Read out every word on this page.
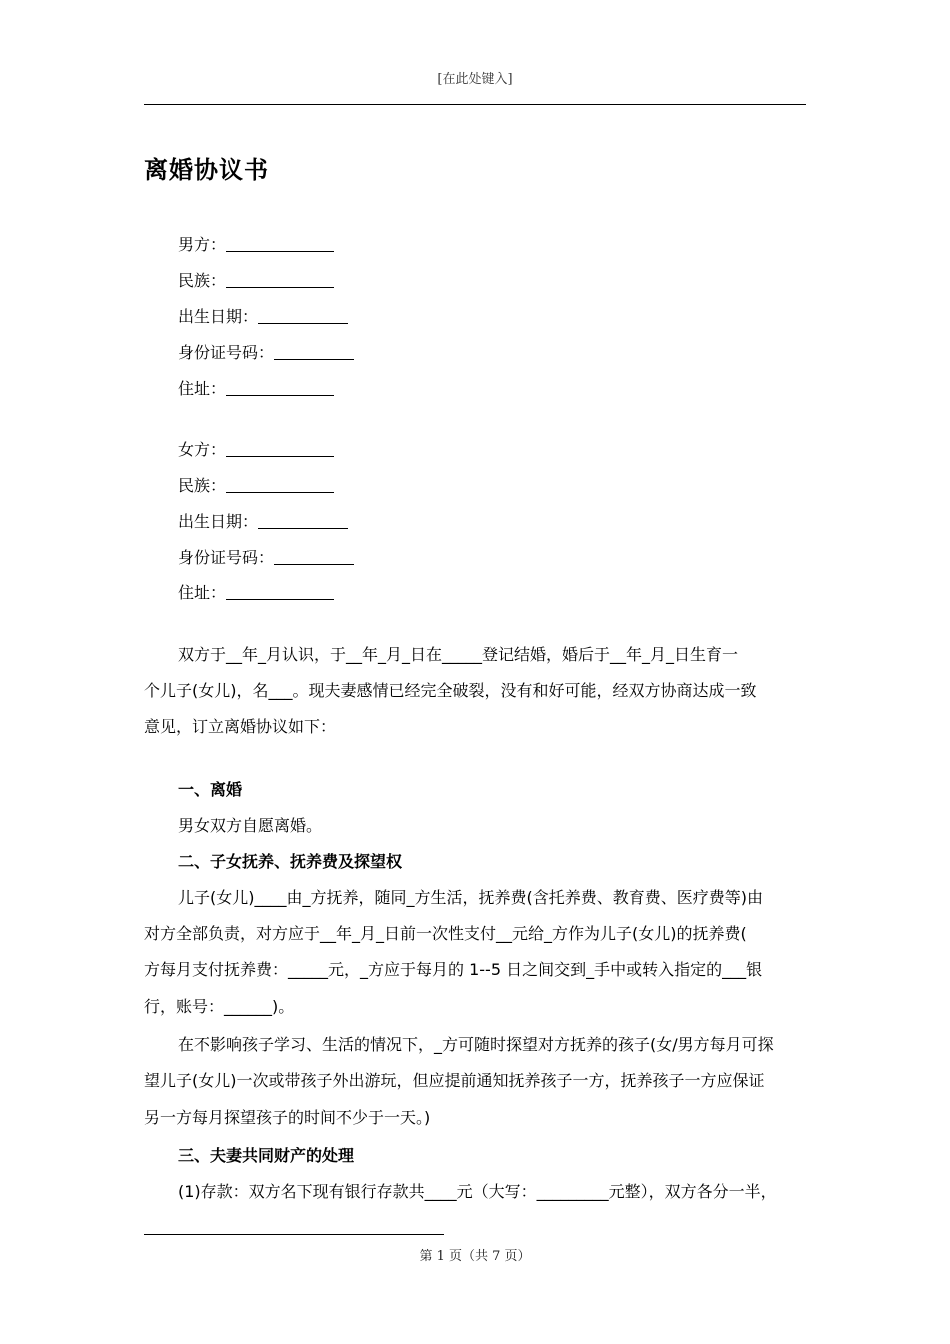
[在此处键入]
离婚协议书
男方：
民族：
出生日期：
身份证号码：
住址：
女方：
民族：
出生日期：
身份证号码：
住址：
双方于__年_月认识，于__年_月_日在_____登记结婚，婚后于__年_月_日生育一
个儿子(女儿)，名___。现夫妻感情已经完全破裂，没有和好可能，经双方协商达成一致
意见，订立离婚协议如下：
一、离婚
男女双方自愿离婚。
二、子女抚养、抚养费及探望权
儿子(女儿)____由_方抚养，随同_方生活，抚养费(含托养费、教育费、医疗费等)由
对方全部负责，对方应于__年_月_日前一次性支付__元给_方作为儿子(女儿)的抚养费(
方每月支付抚养费：_____元，_方应于每月的 1--5 日之间交到_手中或转入指定的___银
行，账号：______)。
在不影响孩子学习、生活的情况下，_方可随时探望对方抚养的孩子(女/男方每月可探
望儿子(女儿)一次或带孩子外出游玩，但应提前通知抚养孩子一方，抚养孩子一方应保证
另一方每月探望孩子的时间不少于一天。)
三、夫妻共同财产的处理
(1)存款：双方名下现有银行存款共____元（大写：_________元整），双方各分一半，
第 1 页（共 7 页）
